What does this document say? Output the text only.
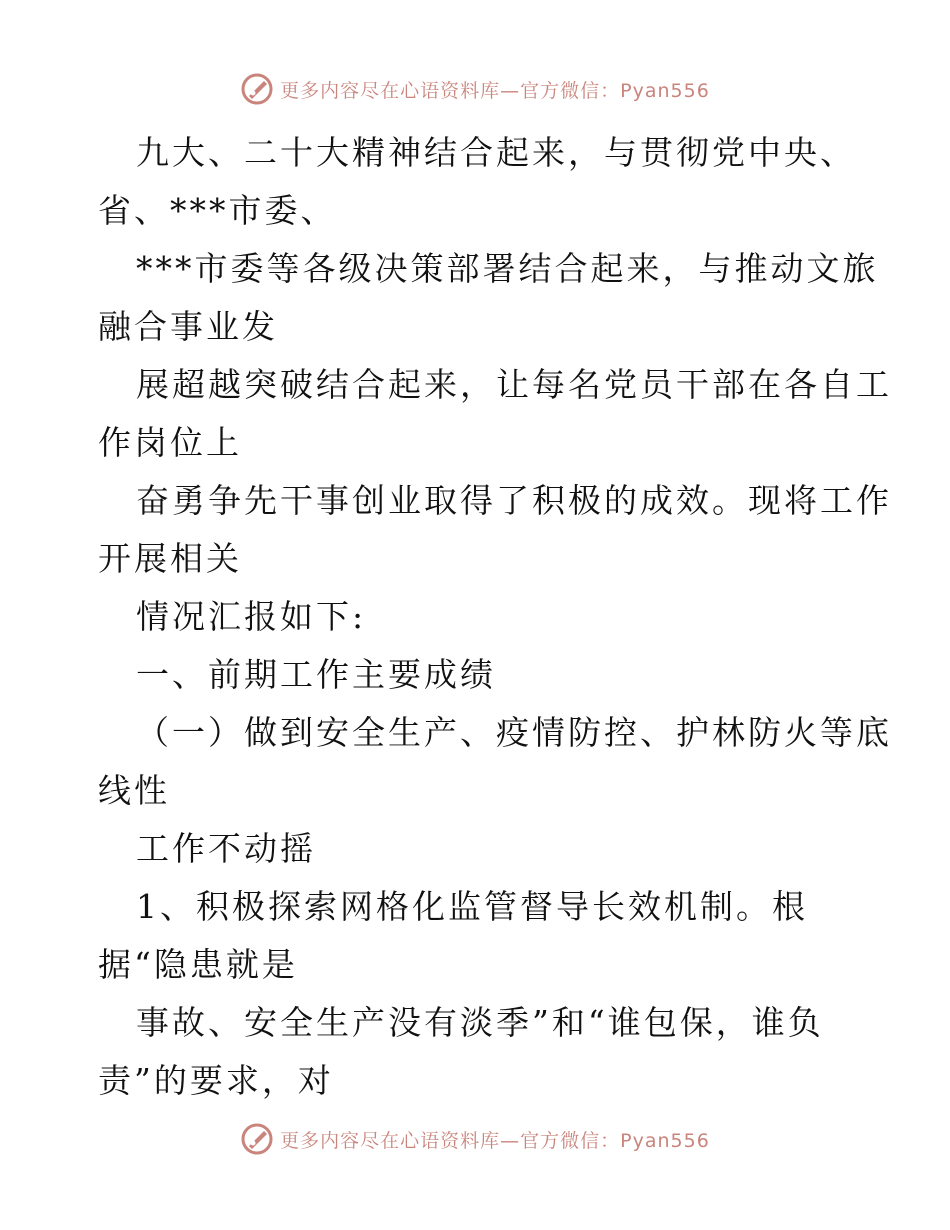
更多内容尽在心语资料库—官方微信：Pyan556
九大、二十大精神结合起来，与贯彻党中央、
省、***市委、
***市委等各级决策部署结合起来，与推动文旅
融合事业发
展超越突破结合起来，让每名党员干部在各自工
作岗位上
奋勇争先干事创业取得了积极的成效。现将工作
开展相关
情况汇报如下:
一、前期工作主要成绩
（一）做到安全生产、疫情防控、护林防火等底
线性
工作不动摇
1、积极探索网格化监管督导长效机制。根
据“隐患就是
事故、安全生产没有淡季”和“谁包保，谁负
责”的要求，对
更多内容尽在心语资料库—官方微信：Pyan556
